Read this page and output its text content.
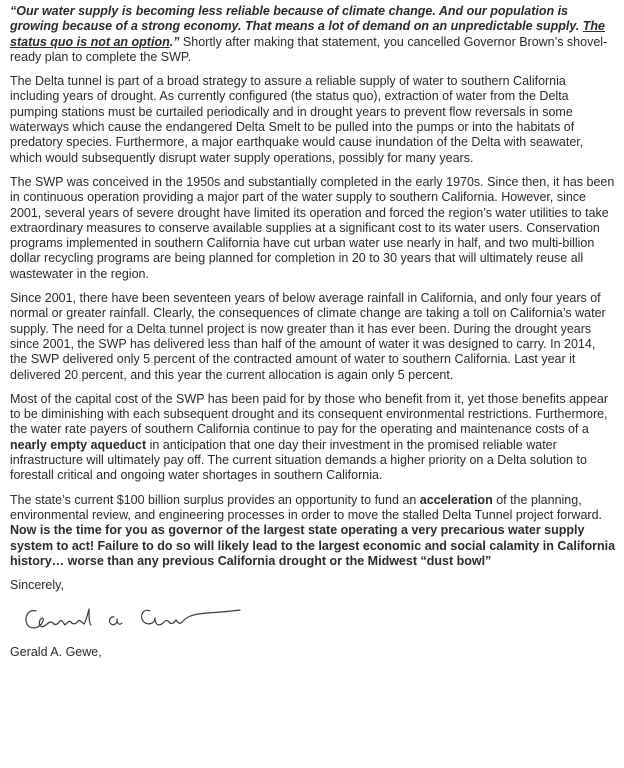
“Our water supply is becoming less reliable because of climate change. And our population is growing because of a strong economy. That means a lot of demand on an unpredictable supply. The status quo is not an option.” Shortly after making that statement, you cancelled Governor Brown’s shovel-ready plan to complete the SWP.

The Delta tunnel is part of a broad strategy to assure a reliable supply of water to southern California including years of drought. As currently configured (the status quo), extraction of water from the Delta pumping stations must be curtailed periodically and in drought years to prevent flow reversals in some waterways which cause the endangered Delta Smelt to be pulled into the pumps or into the habitats of predatory species. Furthermore, a major earthquake would cause inundation of the Delta with seawater, which would subsequently disrupt water supply operations, possibly for many years.

The SWP was conceived in the 1950s and substantially completed in the early 1970s. Since then, it has been in continuous operation providing a major part of the water supply to southern California. However, since 2001, several years of severe drought have limited its operation and forced the region’s water utilities to take extraordinary measures to conserve available supplies at a significant cost to its water users. Conservation programs implemented in southern California have cut urban water use nearly in half, and two multi-billion dollar recycling programs are being planned for completion in 20 to 30 years that will ultimately reuse all wastewater in the region.

Since 2001, there have been seventeen years of below average rainfall in California, and only four years of normal or greater rainfall. Clearly, the consequences of climate change are taking a toll on California’s water supply. The need for a Delta tunnel project is now greater than it has ever been. During the drought years since 2001, the SWP has delivered less than half of the amount of water it was designed to carry. In 2014, the SWP delivered only 5 percent of the contracted amount of water to southern California. Last year it delivered 20 percent, and this year the current allocation is again only 5 percent.

Most of the capital cost of the SWP has been paid for by those who benefit from it, yet those benefits appear to be diminishing with each subsequent drought and its consequent environmental restrictions. Furthermore, the water rate payers of southern California continue to pay for the operating and maintenance costs of a nearly empty aqueduct in anticipation that one day their investment in the promised reliable water infrastructure will ultimately pay off. The current situation demands a higher priority on a Delta solution to forestall critical and ongoing water shortages in southern California.

The state’s current $100 billion surplus provides an opportunity to fund an acceleration of the planning, environmental review, and engineering processes in order to move the stalled Delta Tunnel project forward. Now is the time for you as governor of the largest state operating a very precarious water supply system to act! Failure to do so will likely lead to the largest economic and social calamity in California history… worse than any previous California drought or the Midwest “dust bowl”

Sincerely,

Gerald A. Gewe,
